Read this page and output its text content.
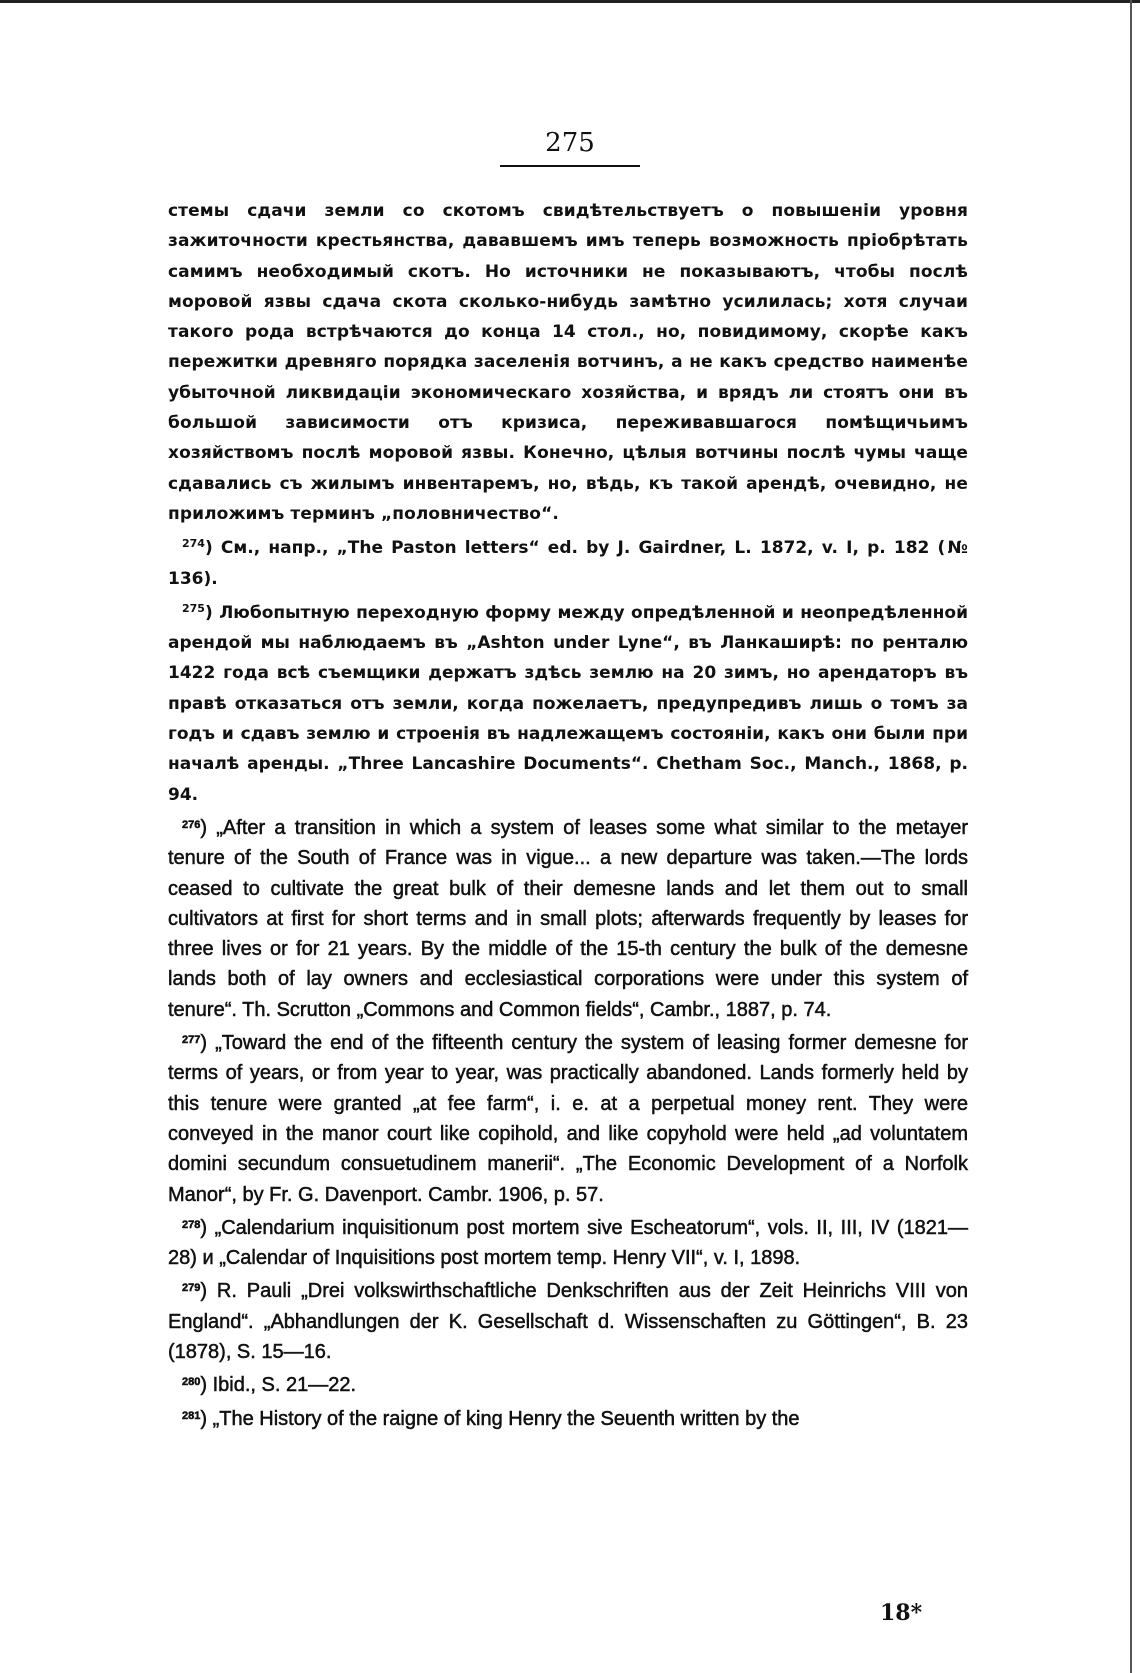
275

стемы сдачи земли со скотомъ свидѣтельствуетъ о повышеніи уровня зажиточности крестьянства, дававшемъ имъ теперь возможность пріобрѣтать самимъ необходимый скотъ. Но источники не показываютъ, чтобы послѣ моровой язвы сдача скота сколько-нибудь замѣтно усилилась; хотя случаи такого рода встрѣчаются до конца 14 стол., но, повидимому, скорѣе какъ пережитки древняго порядка заселенія вотчинъ, а не какъ средство наименѣе убыточной ликвидаціи экономическаго хозяйства, и врядъ ли стоятъ они въ большой зависимости отъ кризиса, переживавшагося помѣщичьимъ хозяйствомъ послѣ моровой язвы. Конечно, цѣлыя вотчины послѣ чумы чаще сдавались съ жилымъ инвентаремъ, но, вѣдь, къ такой арендѣ, очевидно, не приложимъ терминъ „половничество“.

$^{274}$) См., напр., „The Paston letters“ ed. by J. Gairdner, L. 1872, v. I, p. 182 (№ 136).

$^{275}$) Любопытную переходную форму между опредѣленной и неопредѣленной арендой мы наблюдаемъ въ „Ashton under Lyne“, въ Ланкаширѣ: по ренталю 1422 года всѣ съемщики держатъ здѣсь землю на 20 зимъ, но арендаторъ въ правѣ отказаться отъ земли, когда пожелаетъ, предупредивъ лишь о томъ за годъ и сдавъ землю и строенія въ надлежащемъ состояніи, какъ они были при началѣ аренды. „Three Lancashire Documents“. Chetham Soc., Manch., 1868, p. 94.

$^{276}$) „After a transition in which a system of leases some what similar to the metayer tenure of the South of France was in vigue... a new departure was taken.—The lords ceased to cultivate the great bulk of their demesne lands and let them out to small cultivators at first for short terms and in small plots; afterwards frequently by leases for three lives or for 21 years. By the middle of the 15-th century the bulk of the demesne lands both of lay owners and ecclesiastical corporations were under this system of tenure“. Th. Scrutton „Commons and Common fields“, Cambr., 1887, p. 74.

$^{277}$) „Toward the end of the fifteenth century the system of leasing former demesne for terms of years, or from year to year, was practically abandoned. Lands formerly held by this tenure were granted „at fee farm“, i. e. at a perpetual money rent. They were conveyed in the manor court like copihold, and like copyhold were held „ad voluntatem domini secundum consuetudinem manerii“. „The Economic Development of a Norfolk Manor“, by Fr. G. Davenport. Cambr. 1906, p. 57.

$^{278}$) „Calendarium inquisitionum post mortem sive Escheatorum“, vols. II, III, IV (1821—28) и „Calendar of Inquisitions post mortem temp. Henry VII“, v. I, 1898.

$^{279}$) R. Pauli „Drei volkswirthschaftliche Denkschriften aus der Zeit Heinrichs VIII von England“. „Abhandlungen der K. Gesellschaft d. Wissenschaften zu Göttingen“, B. 23 (1878), S. 15—16.

$^{280}$) Ibid., S. 21—22.

$^{281}$) „The History of the raigne of king Henry the Seuenth written by the

18*
